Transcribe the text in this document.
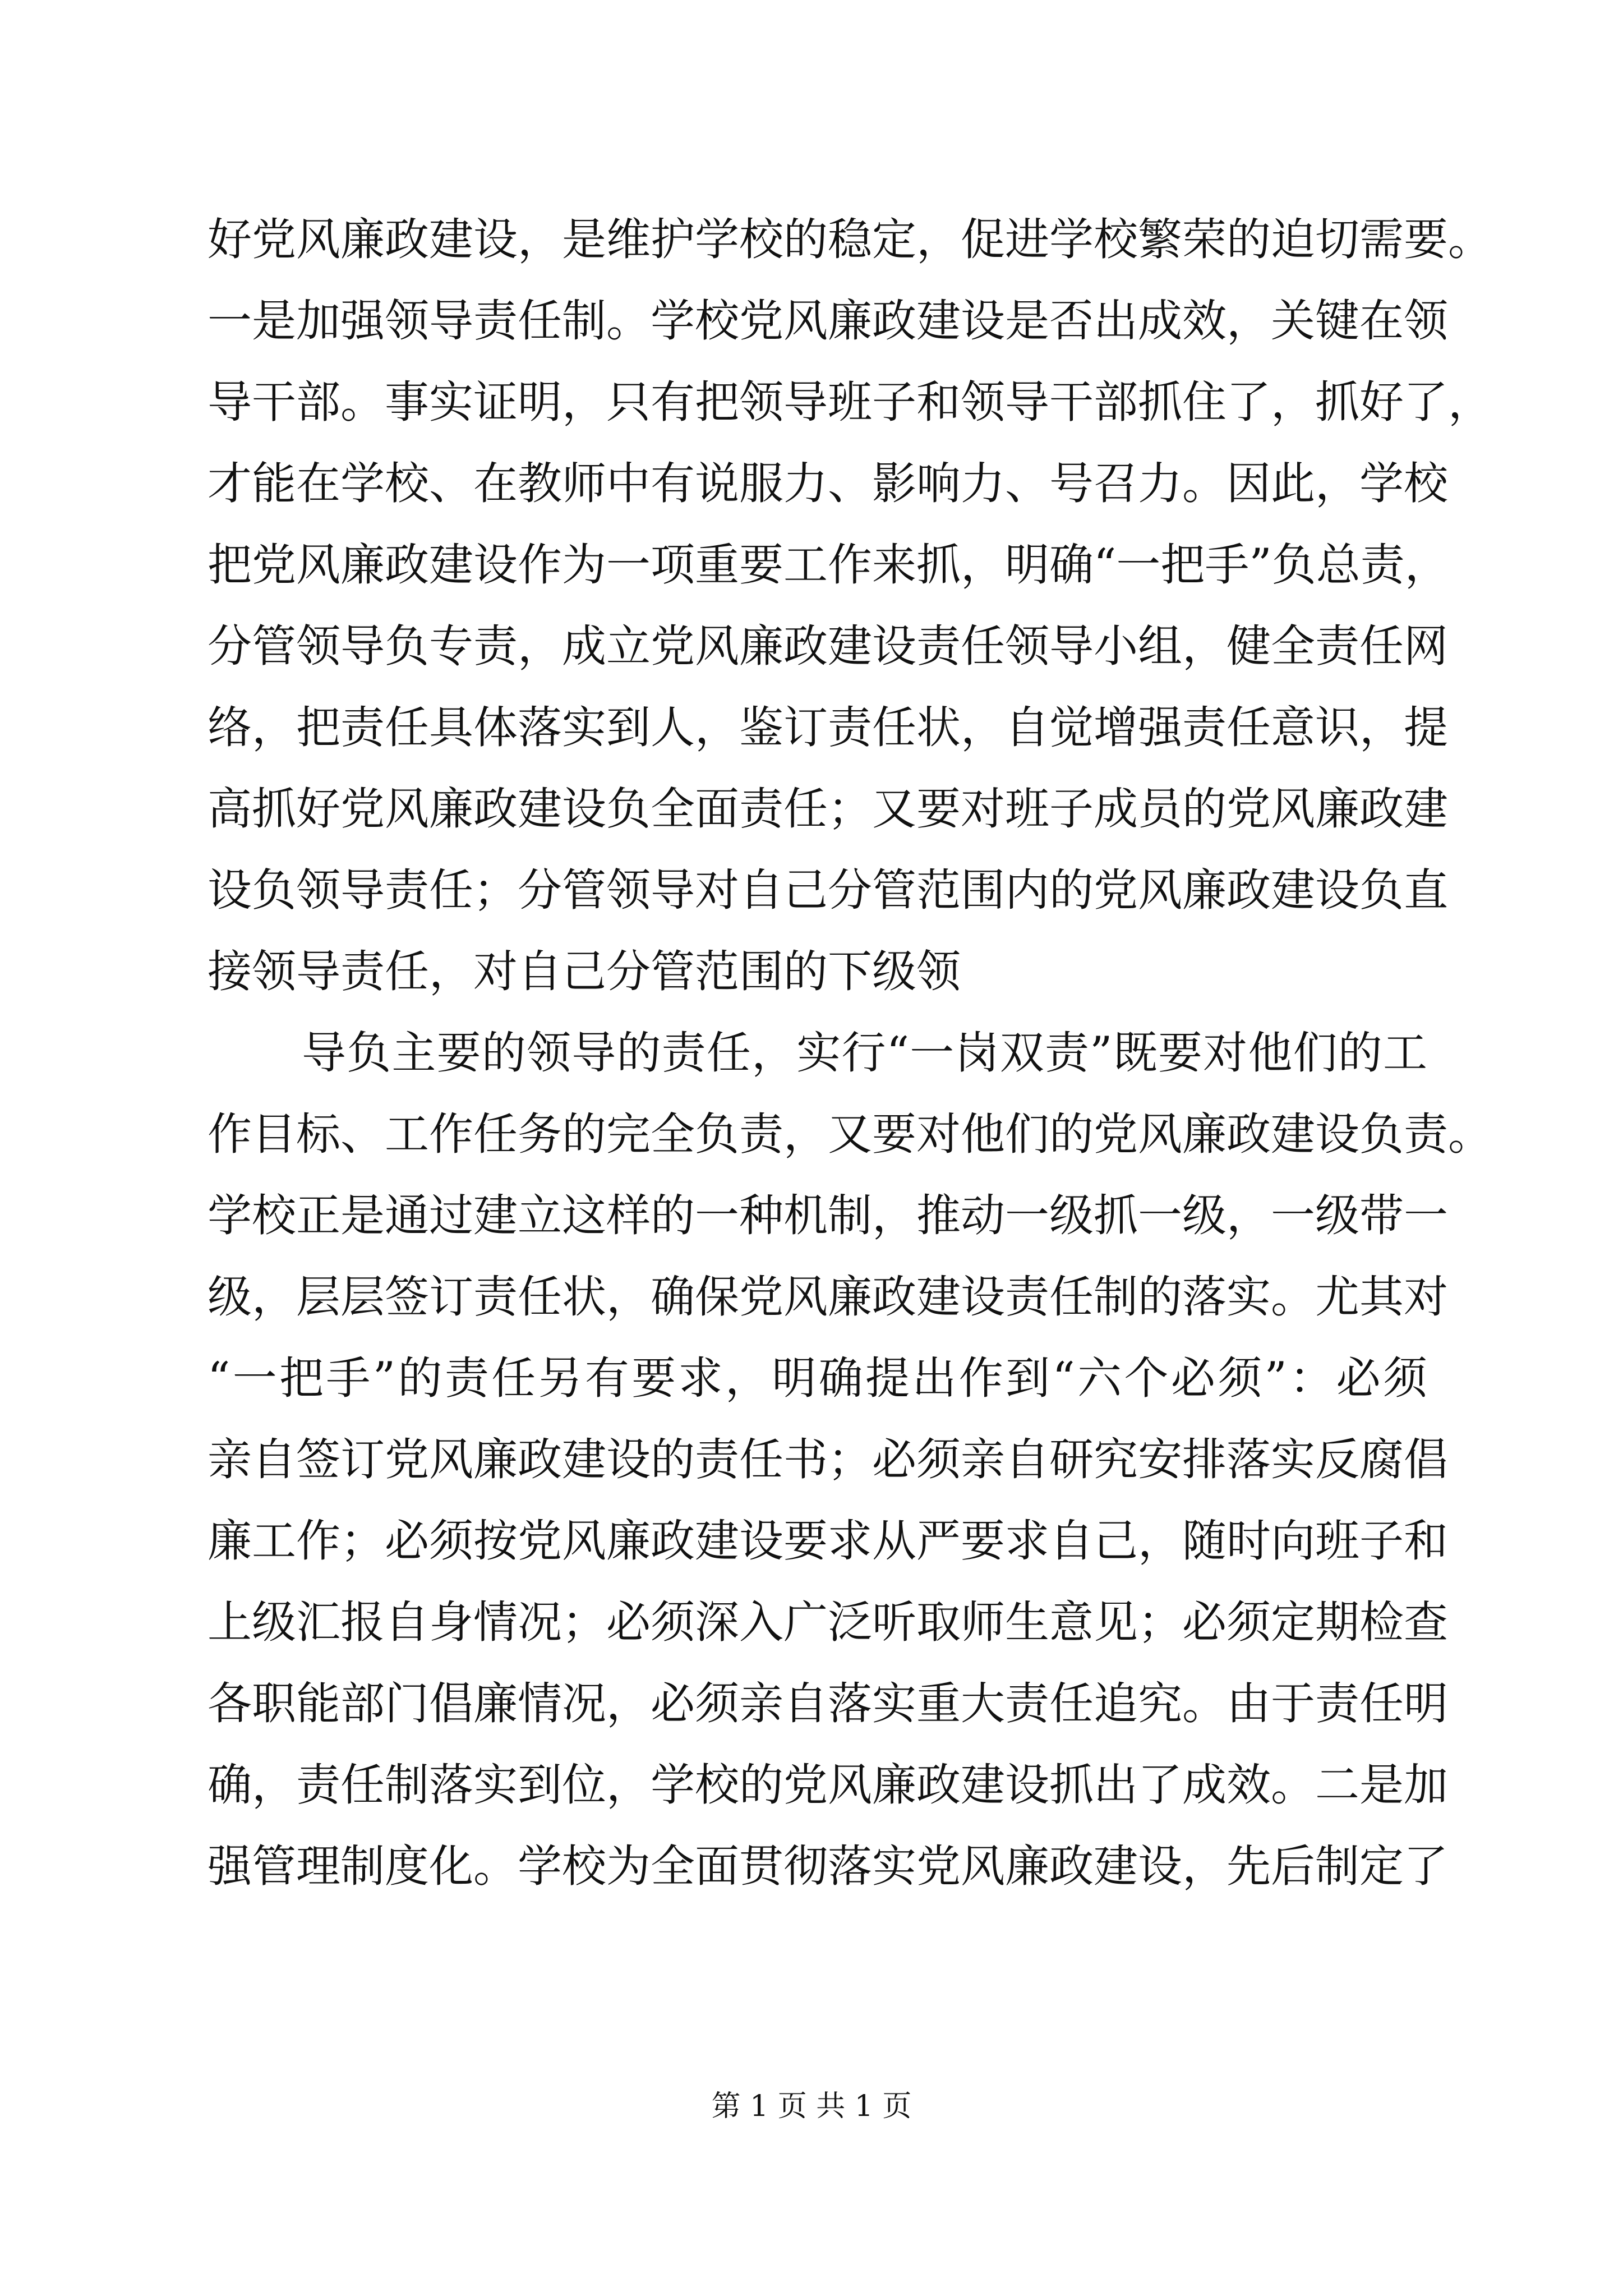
好党风廉政建设，是维护学校的稳定，促进学校繁荣的迫切需要。
一是加强领导责任制。学校党风廉政建设是否出成效，关键在领
导干部。事实证明，只有把领导班子和领导干部抓住了，抓好了，
才能在学校、在教师中有说服力、影响力、号召力。因此，学校
把党风廉政建设作为一项重要工作来抓，明确“一把手”负总责，
分管领导负专责，成立党风廉政建设责任领导小组，健全责任网
络，把责任具体落实到人，鉴订责任状，自觉增强责任意识，提
高抓好党风廉政建设负全面责任；又要对班子成员的党风廉政建
设负领导责任；分管领导对自己分管范围内的党风廉政建设负直
接领导责任，对自己分管范围的下级领
导负主要的领导的责任，实行“一岗双责”既要对他们的工
作目标、工作任务的完全负责，又要对他们的党风廉政建设负责。
学校正是通过建立这样的一种机制，推动一级抓一级，一级带一
级，层层签订责任状，确保党风廉政建设责任制的落实。尤其对
“一把手”的责任另有要求，明确提出作到“六个必须”：必须
亲自签订党风廉政建设的责任书；必须亲自研究安排落实反腐倡
廉工作；必须按党风廉政建设要求从严要求自己，随时向班子和
上级汇报自身情况；必须深入广泛听取师生意见；必须定期检查
各职能部门倡廉情况，必须亲自落实重大责任追究。由于责任明
确，责任制落实到位，学校的党风廉政建设抓出了成效。二是加
强管理制度化。学校为全面贯彻落实党风廉政建设，先后制定了
第 1 页 共 1 页
